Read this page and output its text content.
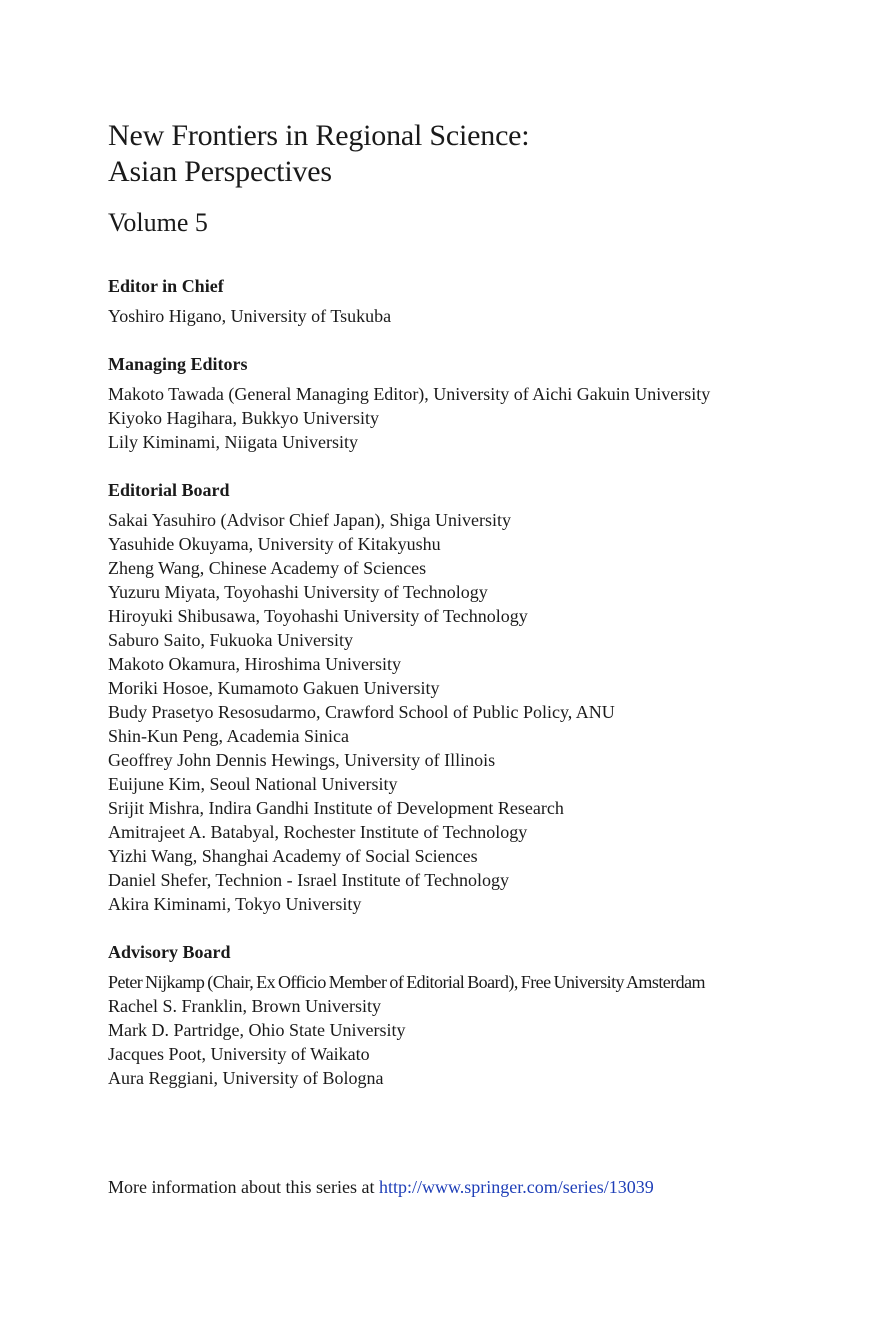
New Frontiers in Regional Science:
Asian Perspectives
Volume 5
Editor in Chief
Yoshiro Higano, University of Tsukuba
Managing Editors
Makoto Tawada (General Managing Editor), University of Aichi Gakuin University
Kiyoko Hagihara, Bukkyo University
Lily Kiminami, Niigata University
Editorial Board
Sakai Yasuhiro (Advisor Chief Japan), Shiga University
Yasuhide Okuyama, University of Kitakyushu
Zheng Wang, Chinese Academy of Sciences
Yuzuru Miyata, Toyohashi University of Technology
Hiroyuki Shibusawa, Toyohashi University of Technology
Saburo Saito, Fukuoka University
Makoto Okamura, Hiroshima University
Moriki Hosoe, Kumamoto Gakuen University
Budy Prasetyo Resosudarmo, Crawford School of Public Policy, ANU
Shin-Kun Peng, Academia Sinica
Geoffrey John Dennis Hewings, University of Illinois
Euijune Kim, Seoul National University
Srijit Mishra, Indira Gandhi Institute of Development Research
Amitrajeet A. Batabyal, Rochester Institute of Technology
Yizhi Wang, Shanghai Academy of Social Sciences
Daniel Shefer, Technion - Israel Institute of Technology
Akira Kiminami, Tokyo University
Advisory Board
Peter Nijkamp (Chair, Ex Officio Member of Editorial Board), Free University Amsterdam
Rachel S. Franklin, Brown University
Mark D. Partridge, Ohio State University
Jacques Poot, University of Waikato
Aura Reggiani, University of Bologna

More information about this series at http://www.springer.com/series/13039
